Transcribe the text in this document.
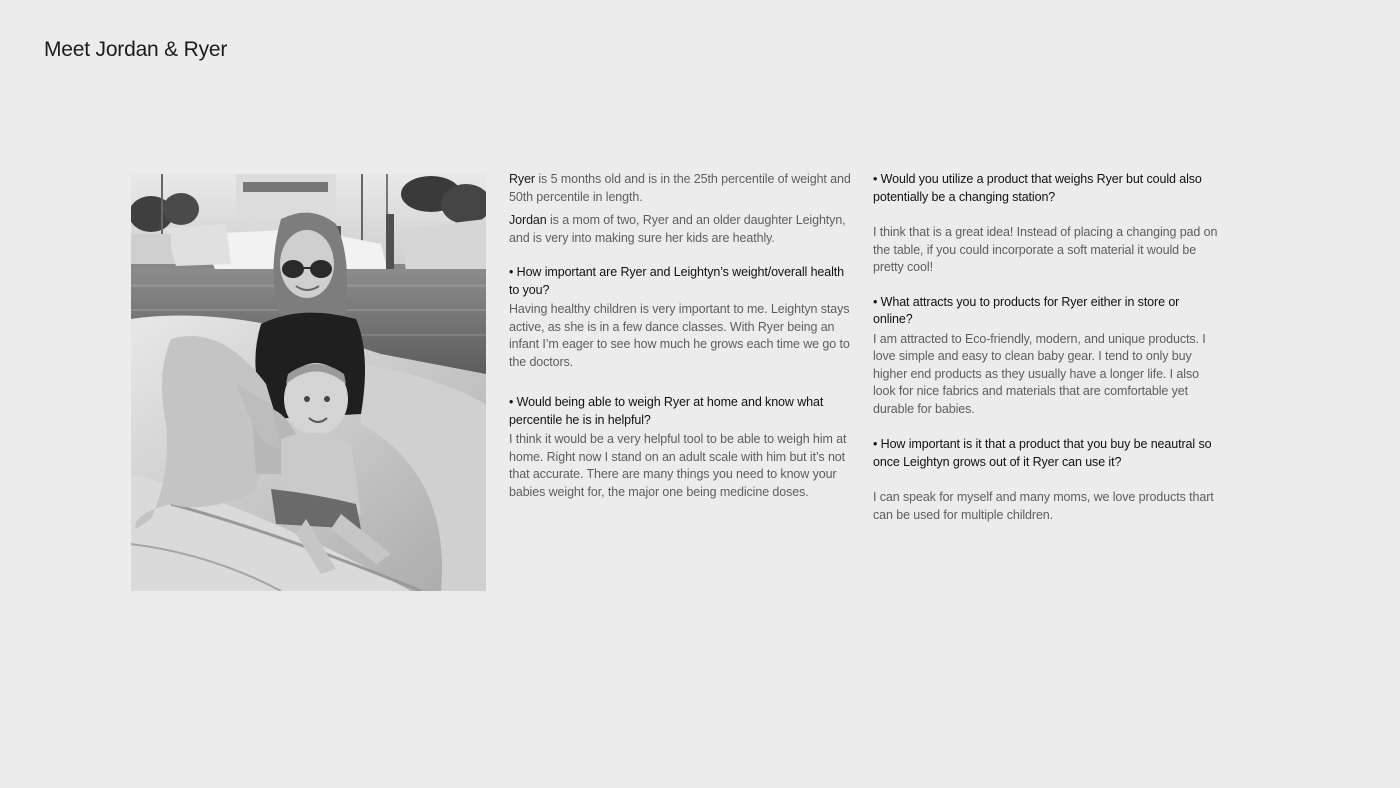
Meet Jordan & Ryer

Ryer is 5 months old and is in the 25th percentile of weight and 50th percentile in length.

Jordan is a mom of two, Ryer and an older daughter Leightyn, and is very into making sure her kids are heathly.

• How important are Ryer and Leightyn’s weight/overall health to you?

Having healthy children is very important to me. Leightyn stays active, as she is in a few dance classes. With Ryer being an infant I’m eager to see how much he grows each time we go to the doctors.

• Would being able to weigh Ryer at home and know what percentile he is in helpful?

I think it would be a very helpful tool to be able to weigh him at home. Right now I stand on an adult scale with him but it’s not that accurate. There are many things you need to know your babies weight for, the major one being medicine doses.

• Would you utilize a product that weighs Ryer but could also potentially be a changing station?

I think that is a great idea! Instead of placing a changing pad on the table, if you could incorporate a soft material it would be pretty cool!

• What attracts you to products for Ryer either in store or online?

I am attracted to Eco-friendly, modern, and unique products. I love simple and easy to clean baby gear. I tend to only buy higher end products as they usually have a longer life. I also look for nice fabrics and materials that are comfortable yet durable for babies.

• How important is it that a product that you buy be neautral so once Leightyn grows out of it Ryer can use it?

I can speak for myself and many moms, we love products thart can be used for multiple children.
